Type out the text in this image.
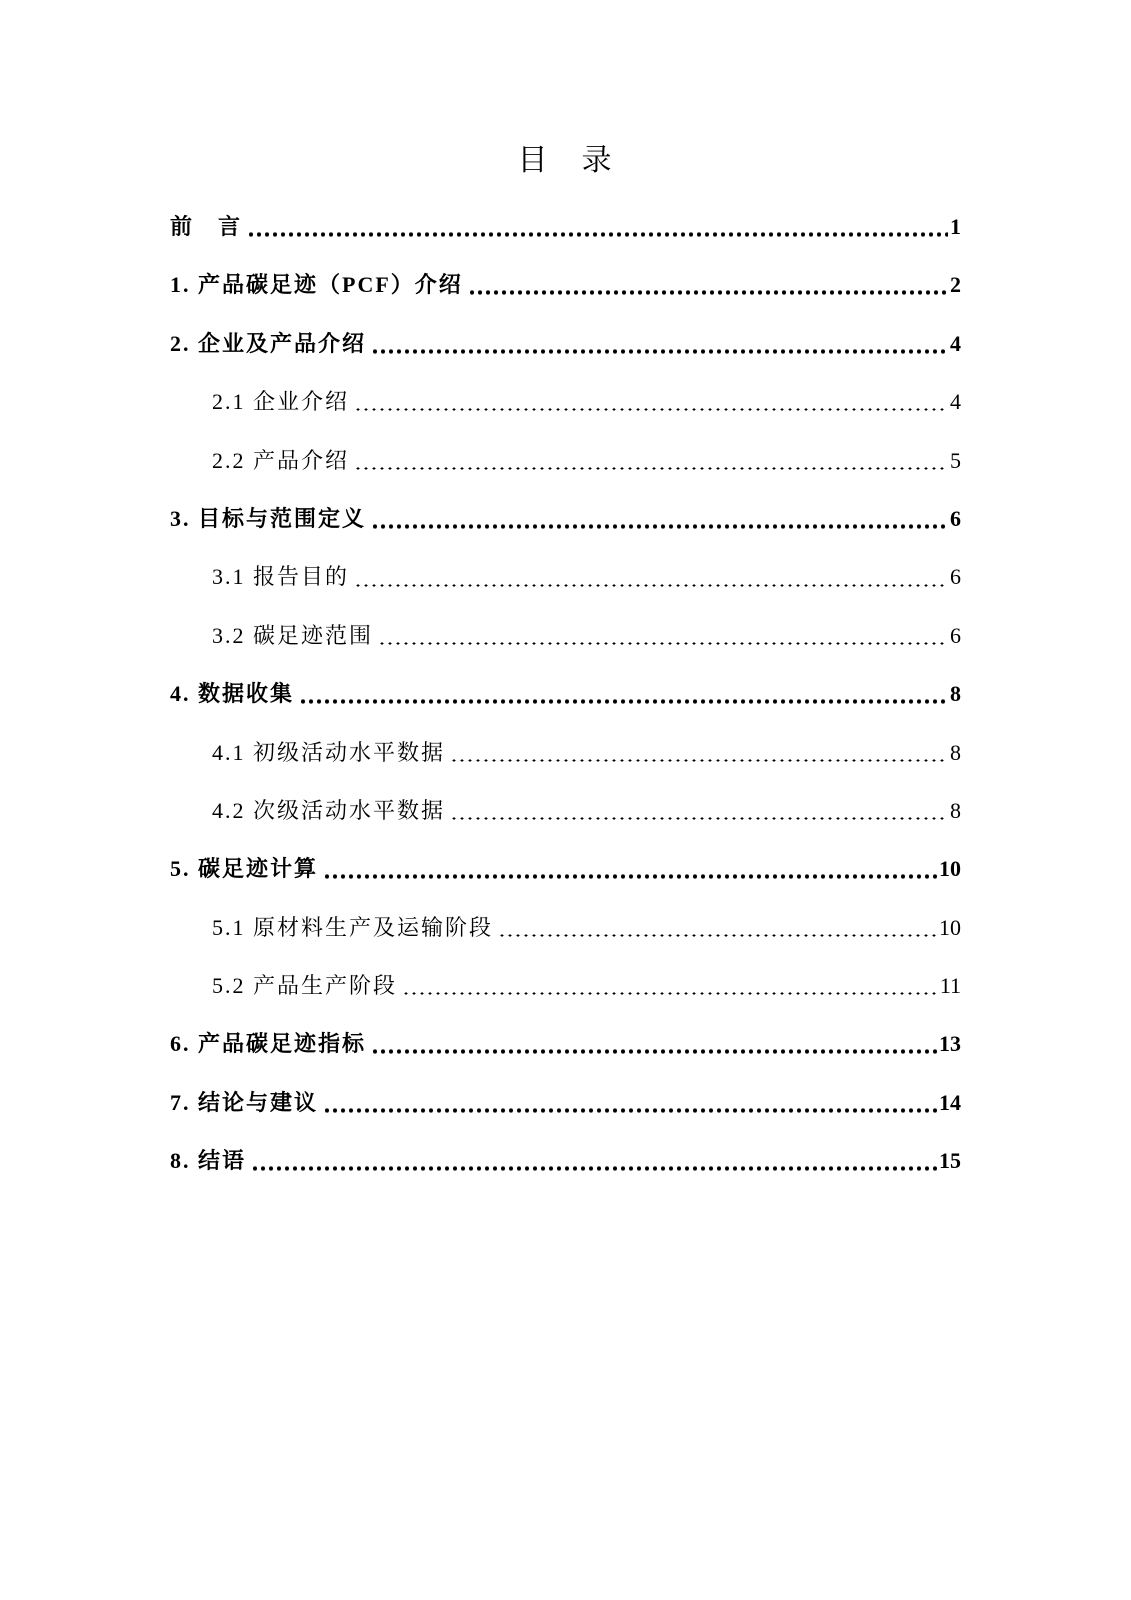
目　录
前　言	1
1. 产品碳足迹（PCF）介绍	2
2. 企业及产品介绍	4
2.1 企业介绍	4
2.2 产品介绍	5
3. 目标与范围定义	6
3.1 报告目的	6
3.2 碳足迹范围	6
4. 数据收集	8
4.1 初级活动水平数据	8
4.2 次级活动水平数据	8
5. 碳足迹计算	10
5.1 原材料生产及运输阶段	10
5.2 产品生产阶段	11
6. 产品碳足迹指标	13
7. 结论与建议	14
8. 结语	15
